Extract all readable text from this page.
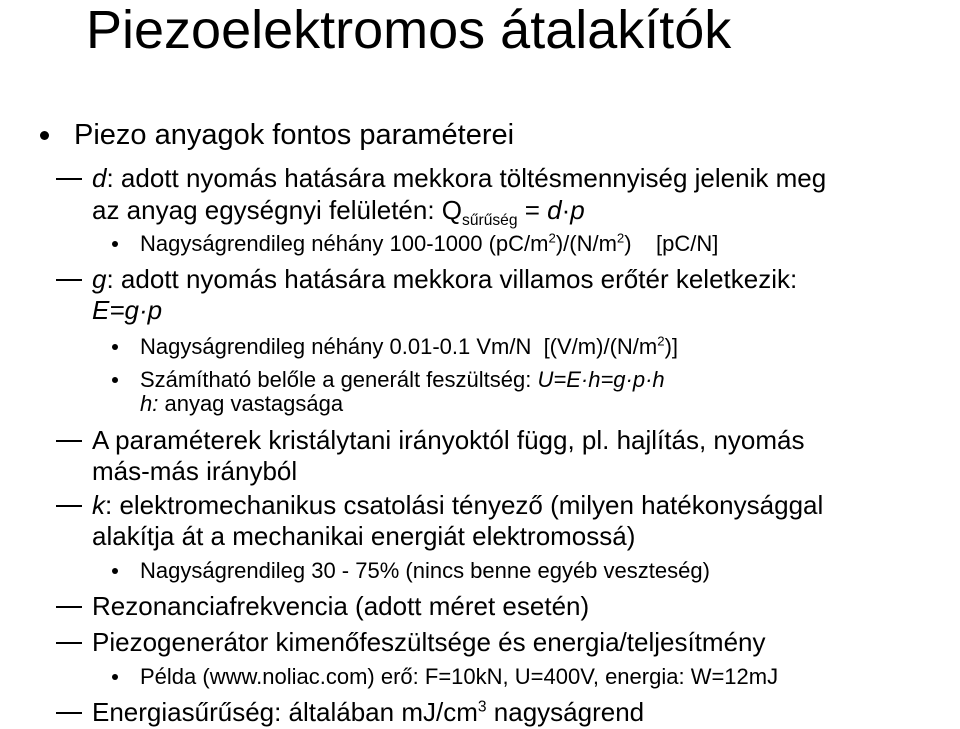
Piezoelektromos átalakítók
Piezo anyagok fontos paraméterei
d: adott nyomás hatására mekkora töltésmennyiség jelenik meg
az anyag egységnyi felületén: $Q_{sűrűség} = d\cdot p$
Nagyságrendileg néhány 100-1000 $(pC/m^2)/(N/m^2)$    [pC/N]
g: adott nyomás hatására mekkora villamos erőtér keletkezik:
E=g·p
Nagyságrendileg néhány 0.01-0.1 Vm/N  $[(V/m)/(N/m^2)]$
Számítható belőle a generált feszültség: U=E·h=g·p·h
h: anyag vastagsága
A paraméterek kristálytani irányoktól függ, pl. hajlítás, nyomás
más-más irányból
k: elektromechanikus csatolási tényező (milyen hatékonysággal
alakítja át a mechanikai energiát elektromossá)
Nagyságrendileg 30 - 75% (nincs benne egyéb veszteség)
Rezonanciafrekvencia (adott méret esetén)
Piezogenerátor kimenőfeszültsége és energia/teljesítmény
Példa (www.noliac.com) erő: F=10kN, U=400V, energia: W=12mJ
Energiasűrűség: általában $mJ/cm^3$ nagyságrend
